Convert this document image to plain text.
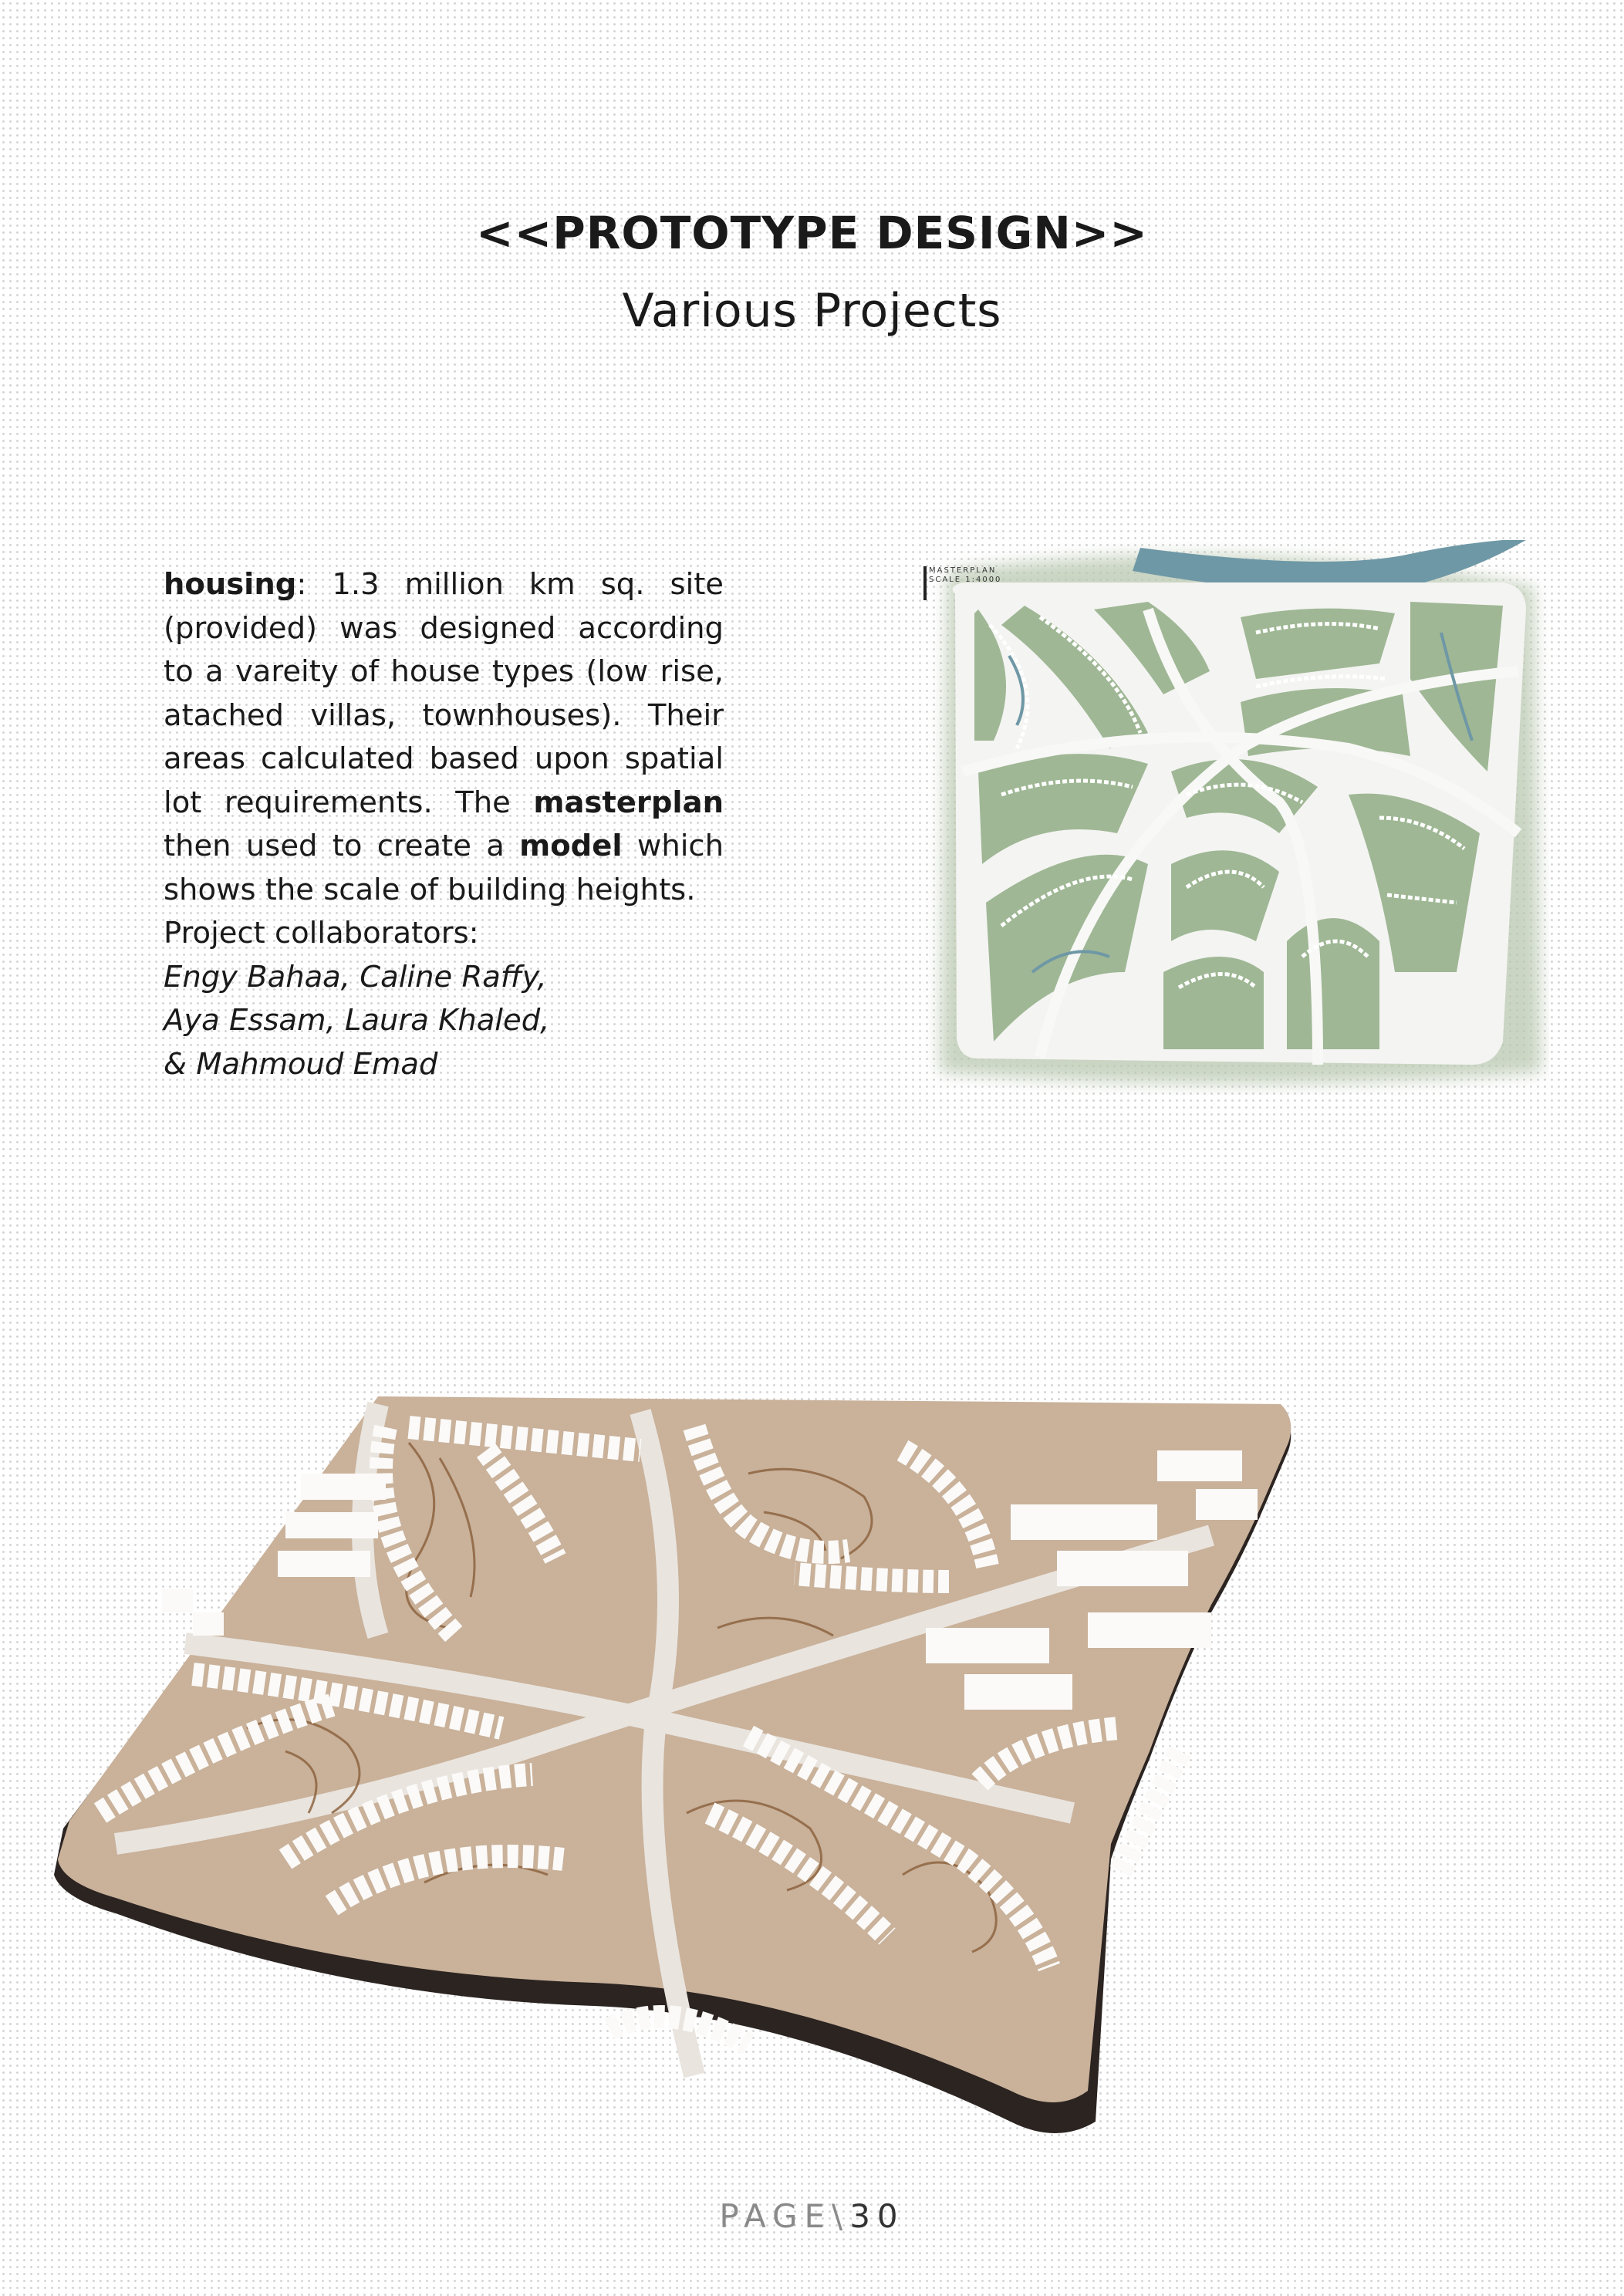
<<PROTOTYPE DESIGN>>
Various Projects

housing: 1.3 million km sq. site (provided) was designed according to a vareity of house types (low rise, atached villas, townhouses). Their areas calculated based upon spatial lot requirements. The masterplan then used to create a model which shows the scale of building heights.

Project collaborators:
Engy Bahaa, Caline Raffy,
Aya Essam, Laura Khaled,
& Mahmoud Emad
MASTERPLAN
SCALE 1:4000
PAGE\30
